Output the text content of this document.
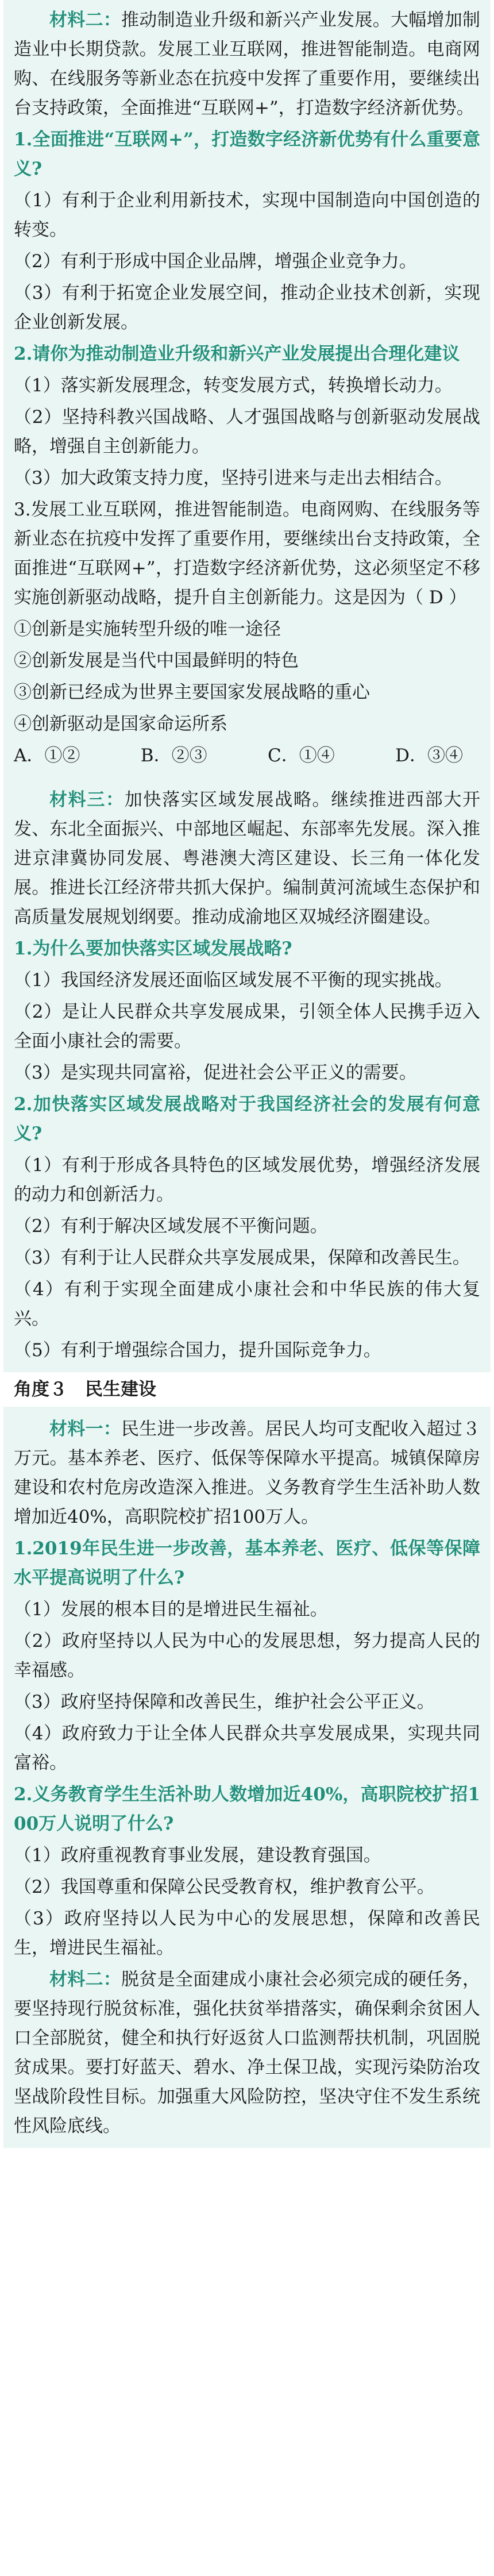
材料二：推动制造业升级和新兴产业发展。大幅增加制造业中长期贷款。发展工业互联网，推进智能制造。电商网购、在线服务等新业态在抗疫中发挥了重要作用，要继续出台支持政策，全面推进“互联网+”，打造数字经济新优势。

1.全面推进“互联网+”，打造数字经济新优势有什么重要意义?

（1）有利于企业利用新技术，实现中国制造向中国创造的转变。

（2）有利于形成中国企业品牌，增强企业竞争力。

（3）有利于拓宽企业发展空间，推动企业技术创新，实现企业创新发展。

2.请你为推动制造业升级和新兴产业发展提出合理化建议

（1）落实新发展理念，转变发展方式，转换增长动力。

（2）坚持科教兴国战略、人才强国战略与创新驱动发展战略，增强自主创新能力。

（3）加大政策支持力度，坚持引进来与走出去相结合。

3.发展工业互联网，推进智能制造。电商网购、在线服务等新业态在抗疫中发挥了重要作用，要继续出台支持政策，全面推进“互联网+”，打造数字经济新优势，这必须坚定不移实施创新驱动战略，提升自主创新能力。这是因为（ D ）

①创新是实施转型升级的唯一途径

②创新发展是当代中国最鲜明的特色

③创新已经成为世界主要国家发展战略的重心

④创新驱动是国家命运所系

A．①②	B．②③	C．①④	D．③④

材料三：加快落实区域发展战略。继续推进西部大开发、东北全面振兴、中部地区崛起、东部率先发展。深入推进京津冀协同发展、粤港澳大湾区建设、长三角一体化发展。推进长江经济带共抓大保护。编制黄河流域生态保护和高质量发展规划纲要。推动成渝地区双城经济圈建设。

1.为什么要加快落实区域发展战略?

（1）我国经济发展还面临区域发展不平衡的现实挑战。

（2）是让人民群众共享发展成果，引领全体人民携手迈入全面小康社会的需要。

（3）是实现共同富裕，促进社会公平正义的需要。

2.加快落实区域发展战略对于我国经济社会的发展有何意义?

（1）有利于形成各具特色的区域发展优势，增强经济发展的动力和创新活力。

（2）有利于解决区域发展不平衡问题。

（3）有利于让人民群众共享发展成果，保障和改善民生。

（4）有利于实现全面建成小康社会和中华民族的伟大复兴。

（5）有利于增强综合国力，提升国际竞争力。

角度３　民生建设

材料一：民生进一步改善。居民人均可支配收入超过３万元。基本养老、医疗、低保等保障水平提高。城镇保障房建设和农村危房改造深入推进。义务教育学生生活补助人数增加近40%，高职院校扩招100万人。

1.2019年民生进一步改善，基本养老、医疗、低保等保障水平提高说明了什么?

（1）发展的根本目的是增进民生福祉。

（2）政府坚持以人民为中心的发展思想，努力提高人民的幸福感。

（3）政府坚持保障和改善民生，维护社会公平正义。

（4）政府致力于让全体人民群众共享发展成果，实现共同富裕。

2.义务教育学生生活补助人数增加近40%，高职院校扩招100万人说明了什么?

（1）政府重视教育事业发展，建设教育强国。

（2）我国尊重和保障公民受教育权，维护教育公平。

（3）政府坚持以人民为中心的发展思想，保障和改善民生，增进民生福祉。

材料二：脱贫是全面建成小康社会必须完成的硬任务，要坚持现行脱贫标准，强化扶贫举措落实，确保剩余贫困人口全部脱贫，健全和执行好返贫人口监测帮扶机制，巩固脱贫成果。要打好蓝天、碧水、净土保卫战，实现污染防治攻坚战阶段性目标。加强重大风险防控，坚决守住不发生系统性风险底线。
